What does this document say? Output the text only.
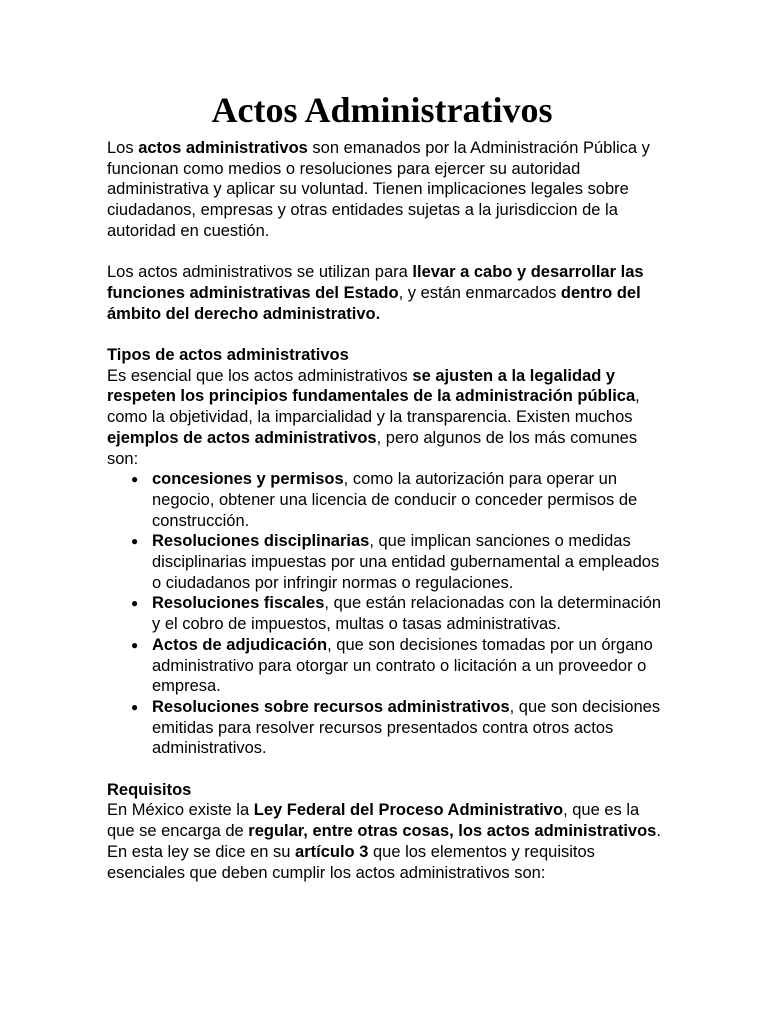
Actos Administrativos

Los actos administrativos son emanados por la Administración Pública y funcionan como medios o resoluciones para ejercer su autoridad administrativa y aplicar su voluntad. Tienen implicaciones legales sobre ciudadanos, empresas y otras entidades sujetas a la jurisdiccion de la autoridad en cuestión.

Los actos administrativos se utilizan para llevar a cabo y desarrollar las funciones administrativas del Estado, y están enmarcados dentro del ámbito del derecho administrativo.

Tipos de actos administrativos

Es esencial que los actos administrativos se ajusten a la legalidad y respeten los principios fundamentales de la administración pública, como la objetividad, la imparcialidad y la transparencia. Existen muchos ejemplos de actos administrativos, pero algunos de los más comunes son:

● concesiones y permisos, como la autorización para operar un negocio, obtener una licencia de conducir o conceder permisos de construcción.
● Resoluciones disciplinarias, que implican sanciones o medidas disciplinarias impuestas por una entidad gubernamental a empleados o ciudadanos por infringir normas o regulaciones.
● Resoluciones fiscales, que están relacionadas con la determinación y el cobro de impuestos, multas o tasas administrativas.
● Actos de adjudicación, que son decisiones tomadas por un órgano administrativo para otorgar un contrato o licitación a un proveedor o empresa.
● Resoluciones sobre recursos administrativos, que son decisiones emitidas para resolver recursos presentados contra otros actos administrativos.

Requisitos

En México existe la Ley Federal del Proceso Administrativo, que es la que se encarga de regular, entre otras cosas, los actos administrativos. En esta ley se dice en su artículo 3 que los elementos y requisitos esenciales que deben cumplir los actos administrativos son:
